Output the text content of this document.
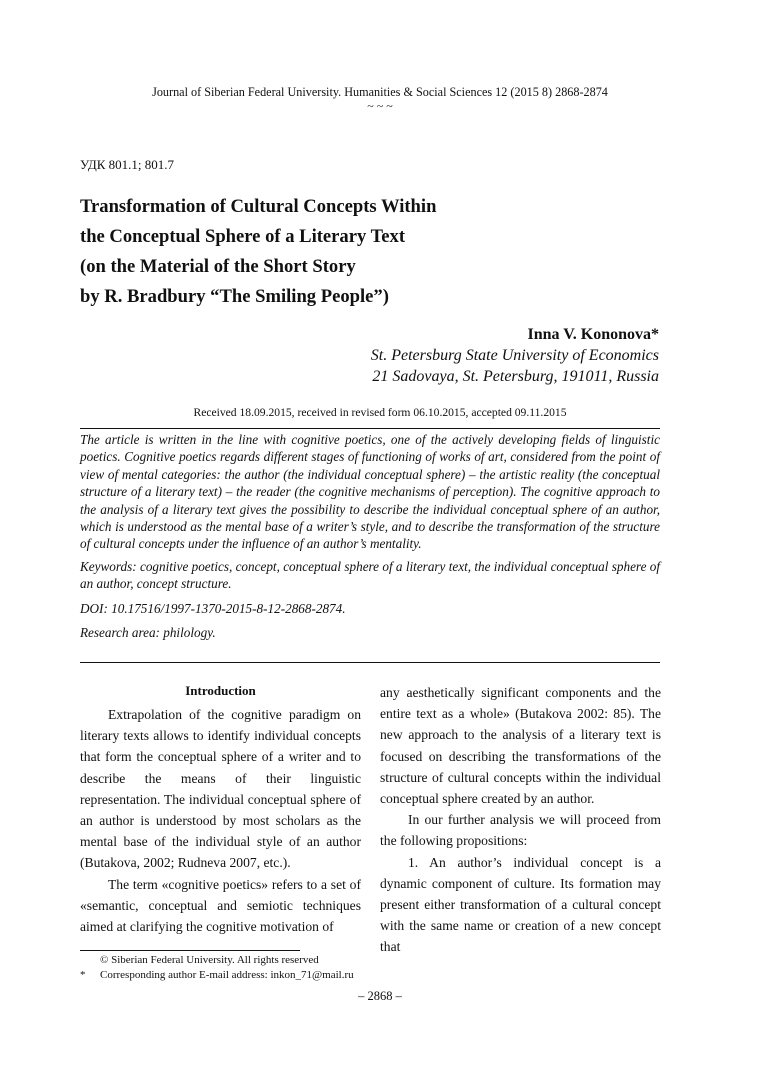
Journal of Siberian Federal University. Humanities & Social Sciences 12 (2015 8) 2868-2874
~ ~ ~
УДК 801.1; 801.7
Transformation of Cultural Concepts Within
the Conceptual Sphere of a Literary Text
(on the Material of the Short Story
by R. Bradbury “The Smiling People”)
Inna V. Kononova*
St. Petersburg State University of Economics
21 Sadovaya, St. Petersburg, 191011, Russia
Received 18.09.2015, received in revised form 06.10.2015, accepted 09.11.2015

The article is written in the line with cognitive poetics, one of the actively developing fields of linguistic poetics. Cognitive poetics regards different stages of functioning of works of art, considered from the point of view of mental categories: the author (the individual conceptual sphere) – the artistic reality (the conceptual structure of a literary text) – the reader (the cognitive mechanisms of perception). The cognitive approach to the analysis of a literary text gives the possibility to describe the individual conceptual sphere of an author, which is understood as the mental base of a writer’s style, and to describe the transformation of the structure of cultural concepts under the influence of an author’s mentality.

Keywords: cognitive poetics, concept, conceptual sphere of a literary text, the individual conceptual sphere of an author, concept structure.

DOI: 10.17516/1997-1370-2015-8-12-2868-2874.

Research area: philology.

Introduction

Extrapolation of the cognitive paradigm on literary texts allows to identify individual concepts that form the conceptual sphere of a writer and to describe the means of their linguistic representation. The individual conceptual sphere of an author is understood by most scholars as the mental base of the individual style of an author (Butakova, 2002; Rudneva 2007, etc.).

The term «cognitive poetics» refers to a set of «semantic, conceptual and semiotic techniques aimed at clarifying the cognitive motivation of

any aesthetically significant components and the entire text as a whole» (Butakova 2002: 85). The new approach to the analysis of a literary text is focused on describing the transformations of the structure of cultural concepts within the individual conceptual sphere created by an author.

In our further analysis we will proceed from the following propositions:

1. An author’s individual concept is a dynamic component of culture. Its formation may present either transformation of a cultural concept with the same name or creation of a new concept that

© Siberian Federal University. All rights reserved
*	Corresponding author E-mail address: inkon_71@mail.ru
– 2868 –
